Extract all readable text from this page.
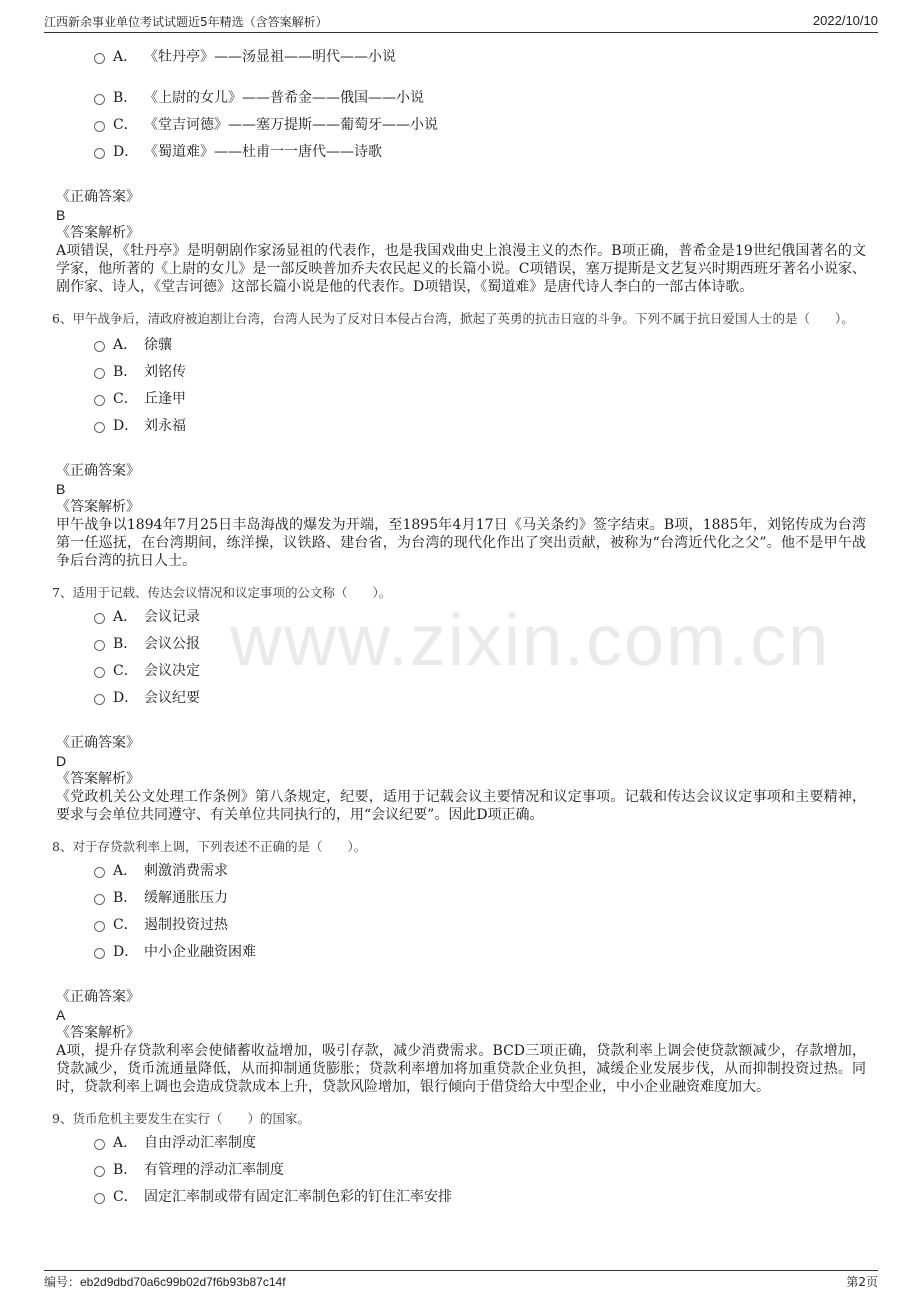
江西新余事业单位考试试题近5年精选（含答案解析）	2022/10/10
A． 《牡丹亭》——汤显祖——明代——小说
B． 《上尉的女儿》——普希金——俄国——小说
C． 《堂吉诃德》——塞万提斯——葡萄牙——小说
D． 《蜀道难》——杜甫一一唐代——诗歌
《正确答案》
B
《答案解析》
A项错误，《牡丹亭》是明朝剧作家汤显祖的代表作，也是我国戏曲史上浪漫主义的杰作。B项正确，普希金是19世纪俄国著名的文学家，他所著的《上尉的女儿》是一部反映普加乔夫农民起义的长篇小说。C项错误，塞万提斯是文艺复兴时期西班牙著名小说家、剧作家、诗人，《堂吉诃德》这部长篇小说是他的代表作。D项错误，《蜀道难》是唐代诗人李白的一部古体诗歌。
6、甲午战争后，清政府被迫割让台湾，台湾人民为了反对日本侵占台湾，掀起了英勇的抗击日寇的斗争。下列不属于抗日爱国人士的是（　　）。
A． 徐骧
B． 刘铭传
C． 丘逢甲
D． 刘永福
《正确答案》
B
《答案解析》
甲午战争以1894年7月25日丰岛海战的爆发为开端，至1895年4月17日《马关条约》签字结束。B项，1885年，刘铭传成为台湾第一任巡抚，在台湾期间，练洋操，议铁路、建台省，为台湾的现代化作出了突出贡献，被称为“台湾近代化之父”。他不是甲午战争后台湾的抗日人士。
7、适用于记载、传达会议情况和议定事项的公文称（　　）。
A． 会议记录
B． 会议公报
C． 会议决定
D． 会议纪要
《正确答案》
D
《答案解析》
《党政机关公文处理工作条例》第八条规定，纪要，适用于记载会议主要情况和议定事项。记载和传达会议议定事项和主要精神，要求与会单位共同遵守、有关单位共同执行的，用“会议纪要”。因此D项正确。
8、对于存贷款利率上调，下列表述不正确的是（　　）。
A． 刺激消费需求
B． 缓解通胀压力
C． 遏制投资过热
D． 中小企业融资困难
《正确答案》
A
《答案解析》
A项，提升存贷款利率会使储蓄收益增加，吸引存款，减少消费需求。BCD三项正确，贷款利率上调会使贷款额减少，存款增加，贷款减少，货币流通量降低，从而抑制通货膨胀；贷款利率增加将加重贷款企业负担，减缓企业发展步伐，从而抑制投资过热。同时，贷款利率上调也会造成贷款成本上升，贷款风险增加，银行倾向于借贷给大中型企业，中小企业融资难度加大。
9、货币危机主要发生在实行（　　）的国家。
A． 自由浮动汇率制度
B． 有管理的浮动汇率制度
C． 固定汇率制或带有固定汇率制色彩的钉住汇率安排
www.zixin.com.cn
编号：eb2d9dbd70a6c99b02d7f6b93b87c14f	第2页
